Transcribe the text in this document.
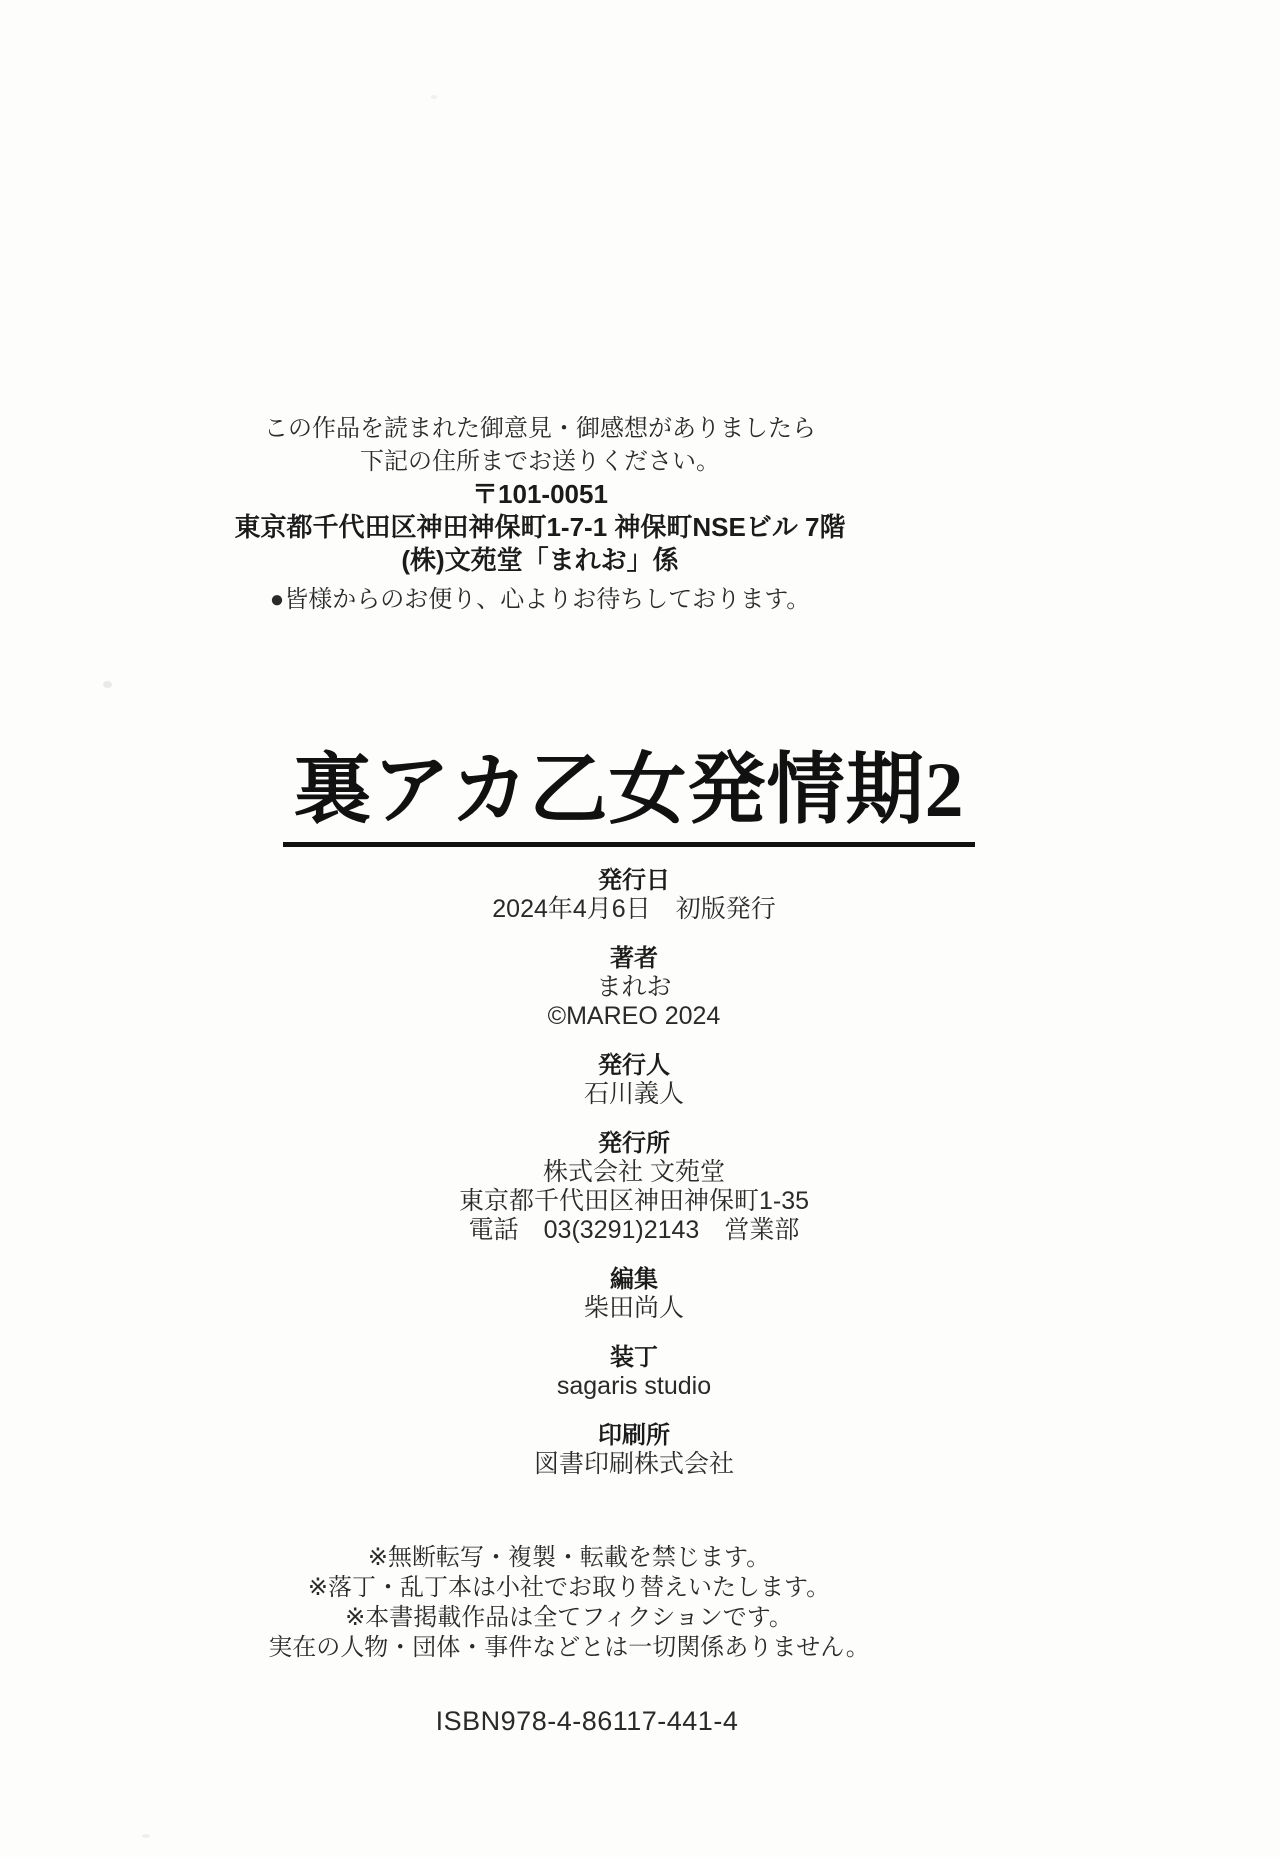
この作品を読まれた御意見・御感想がありましたら
下記の住所までお送りください。
〒101-0051
東京都千代田区神田神保町1-7-1 神保町NSEビル 7階
(株)文苑堂「まれお」係
●皆様からのお便り、心よりお待ちしております。
裏アカ乙女発情期2
発行日
2024年4月6日　初版発行
著者
まれお
©MAREO 2024
発行人
石川義人
発行所
株式会社 文苑堂
東京都千代田区神田神保町1-35
電話　03(3291)2143　営業部
編集
柴田尚人
装丁
sagaris studio
印刷所
図書印刷株式会社
※無断転写・複製・転載を禁じます。
※落丁・乱丁本は小社でお取り替えいたします。
※本書掲載作品は全てフィクションです。
実在の人物・団体・事件などとは一切関係ありません。
ISBN978-4-86117-441-4
